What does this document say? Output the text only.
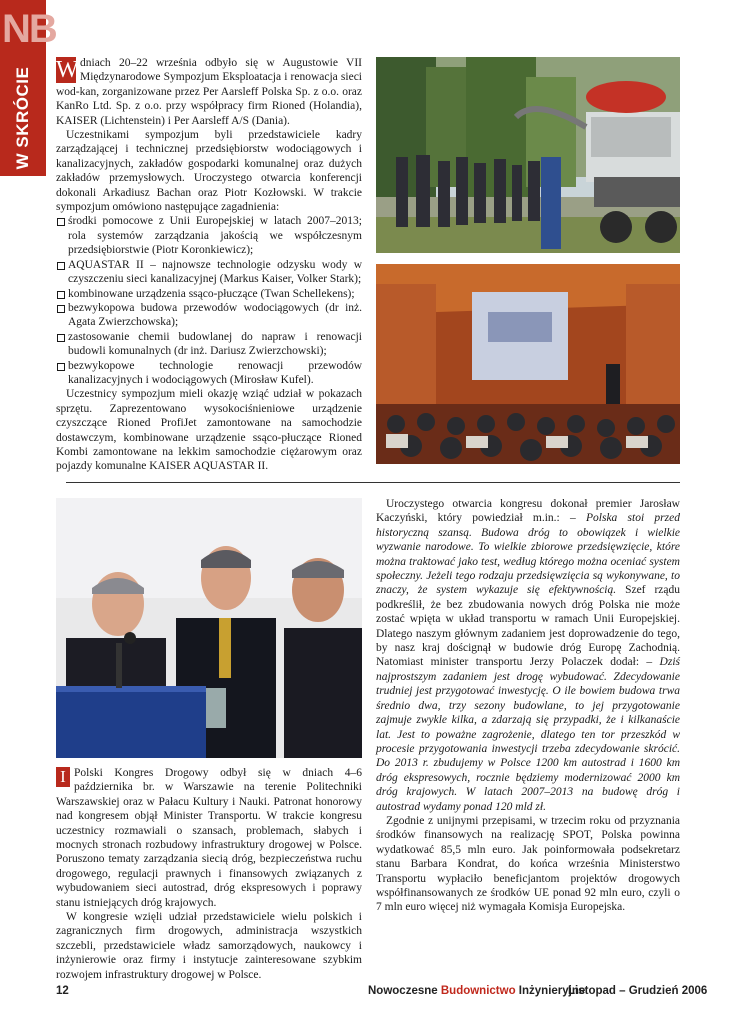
NB
W SKRÓCIE W dniach 20–22 września odbyło się w Augustowie VII Międzynarodowe Sympozjum Eksploatacja i renowacja sieci wod-kan, zorganizowane przez Per Aarsleff Polska Sp. z o.o. oraz KanRo Ltd. Sp. z o.o. przy współpracy firm Rioned (Holandia), KAISER (Lichtenstein) i Per Aarsleff A/S (Dania).

Uczestnikami sympozjum byli przedstawiciele kadry zarządzającej i technicznej przedsiębiorstw wodociągowych i kanalizacyjnych, zakładów gospodarki komunalnej oraz dużych zakładów przemysłowych. Uroczystego otwarcia konferencji dokonali Arkadiusz Bachan oraz Piotr Kozłowski. W trakcie sympozjum omówiono następujące zagadnienia:

środki pomocowe z Unii Europejskiej w latach 2007–2013; rola systemów zarządzania jakością we współczesnym przedsiębiorstwie (Piotr Koronkiewicz);
AQUASTAR II – najnowsze technologie odzysku wody w czyszczeniu sieci kanalizacyjnej (Markus Kaiser, Volker Stark);
kombinowane urządzenia ssąco-płuczące (Twan Schellekens);
bezwykopowa budowa przewodów wodociągowych (dr inż. Agata Zwierzchowska);
zastosowanie chemii budowlanej do napraw i renowacji budowli komunalnych (dr inż. Dariusz Zwierzchowski);
bezwykopowe technologie renowacji przewodów kanalizacyjnych i wodociągowych (Mirosław Kufel).

Uczestnicy sympozjum mieli okazję wziąć udział w pokazach sprzętu. Zaprezentowano wysokociśnieniowe urządzenie czyszczące Rioned ProfiJet zamontowane na samochodzie dostawczym, kombinowane urządzenie ssąco-płuczące Rioned Kombi zamontowane na lekkim samochodzie ciężarowym oraz pojazdy komunalne KAISER AQUASTAR II.

I Polski Kongres Drogowy odbył się w dniach 4–6 października br. w Warszawie na terenie Politechniki Warszawskiej oraz w Pałacu Kultury i Nauki. Patronat honorowy nad kongresem objął Minister Transportu. W trakcie kongresu uczestnicy rozmawiali o szansach, problemach, słabych i mocnych stronach rozbudowy infrastruktury drogowej w Polsce. Poruszono tematy zarządzania siecią dróg, bezpieczeństwa ruchu drogowego, regulacji prawnych i finansowych związanych z wybudowaniem sieci autostrad, dróg ekspresowych i poprawy stanu istniejących dróg krajowych.

W kongresie wzięli udział przedstawiciele wielu polskich i zagranicznych firm drogowych, administracja wszystkich szczebli, przedstawiciele władz samorządowych, naukowcy i inżynierowie oraz firmy i instytucje zainteresowane szybkim rozwojem infrastruktury drogowej w Polsce.

Uroczystego otwarcia kongresu dokonał premier Jarosław Kaczyński, który powiedział m.in.: – Polska stoi przed historyczną szansą. Budowa dróg to obowiązek i wielkie wyzwanie narodowe. To wielkie zbiorowe przedsięwzięcie, które można traktować jako test, według którego można oceniać system społeczny. Jeżeli tego rodzaju przedsięwzięcia są wykonywane, to znaczy, że system wykazuje się efektywnością. Szef rządu podkreślił, że bez zbudowania nowych dróg Polska nie może zostać wpięta w układ transportu w ramach Unii Europejskiej. Dlatego naszym głównym zadaniem jest doprowadzenie do tego, by nasz kraj doścignął w budowie dróg Europę Zachodnią. Natomiast minister transportu Jerzy Polaczek dodał: – Dziś najprostszym zadaniem jest drogę wybudować. Zdecydowanie trudniej jest przygotować inwestycję. O ile bowiem budowa trwa średnio dwa, trzy sezony budowlane, to jej przygotowanie zajmuje zwykle kilka, a zdarzają się przypadki, że i kilkanaście lat. Jest to poważne zagrożenie, dlatego ten tor przeszkód w procesie przygotowania inwestycji trzeba zdecydowanie skrócić. Do 2013 r. zbudujemy w Polsce 1200 km autostrad i 1600 km dróg ekspresowych, rocznie będziemy modernizować 2000 km dróg krajowych. W latach 2007–2013 na budowę dróg i autostrad wydamy ponad 120 mld zł.

Zgodnie z unijnymi przepisami, w trzecim roku od przyznania środków finansowych na realizację SPOT, Polska powinna wydatkować 85,5 mln euro. Jak poinformowała podsekretarz stanu Barbara Kondrat, do końca września Ministerstwo Transportu wypłaciło beneficjantom projektów drogowych współfinansowanych ze środków UE ponad 92 mln euro, czyli o 7 mln euro więcej niż wymagała Komisja Europejska.

12	Nowoczesne Budownictwo Inżynieryjne
Listopad – Grudzień 2006
